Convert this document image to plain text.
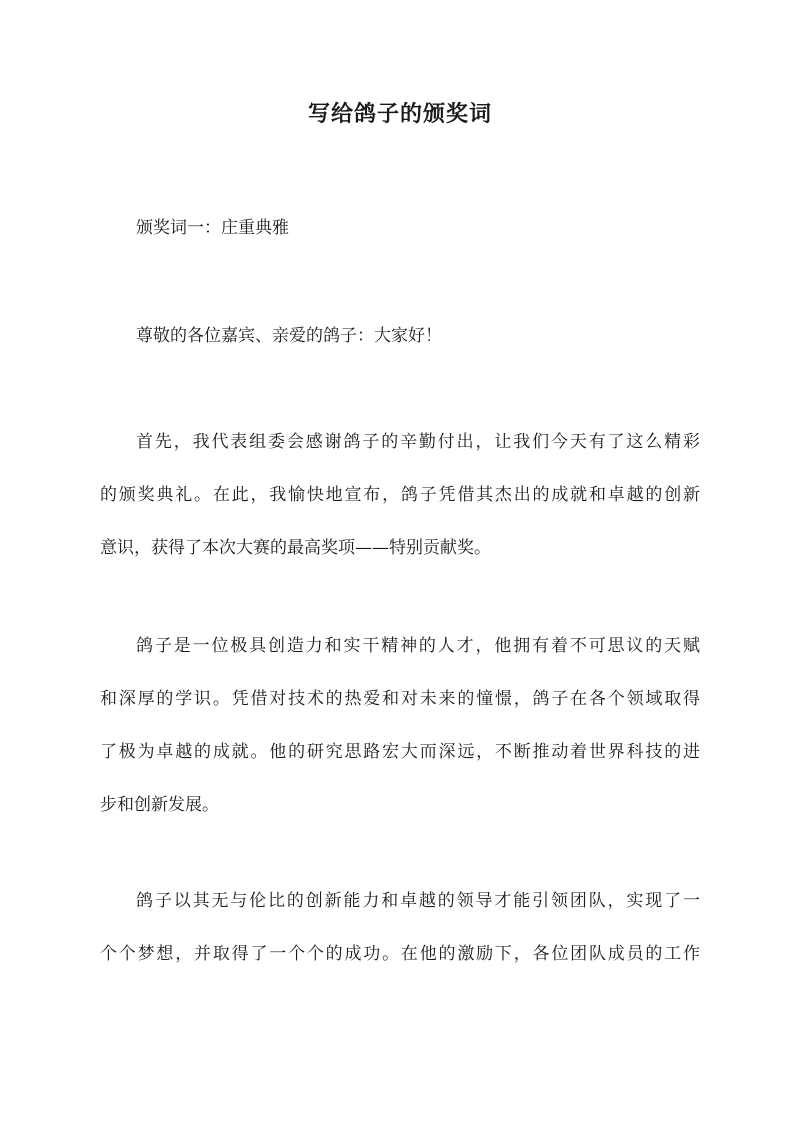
写给鸽子的颁奖词
颁奖词一：庄重典雅
尊敬的各位嘉宾、亲爱的鸽子：大家好！
首先，我代表组委会感谢鸽子的辛勤付出，让我们今天有了这么精彩
的颁奖典礼。在此，我愉快地宣布，鸽子凭借其杰出的成就和卓越的创新
意识，获得了本次大赛的最高奖项——特别贡献奖。
鸽子是一位极具创造力和实干精神的人才，他拥有着不可思议的天赋
和深厚的学识。凭借对技术的热爱和对未来的憧憬，鸽子在各个领域取得
了极为卓越的成就。他的研究思路宏大而深远，不断推动着世界科技的进
步和创新发展。
鸽子以其无与伦比的创新能力和卓越的领导才能引领团队，实现了一
个个梦想，并取得了一个个的成功。在他的激励下，各位团队成员的工作
